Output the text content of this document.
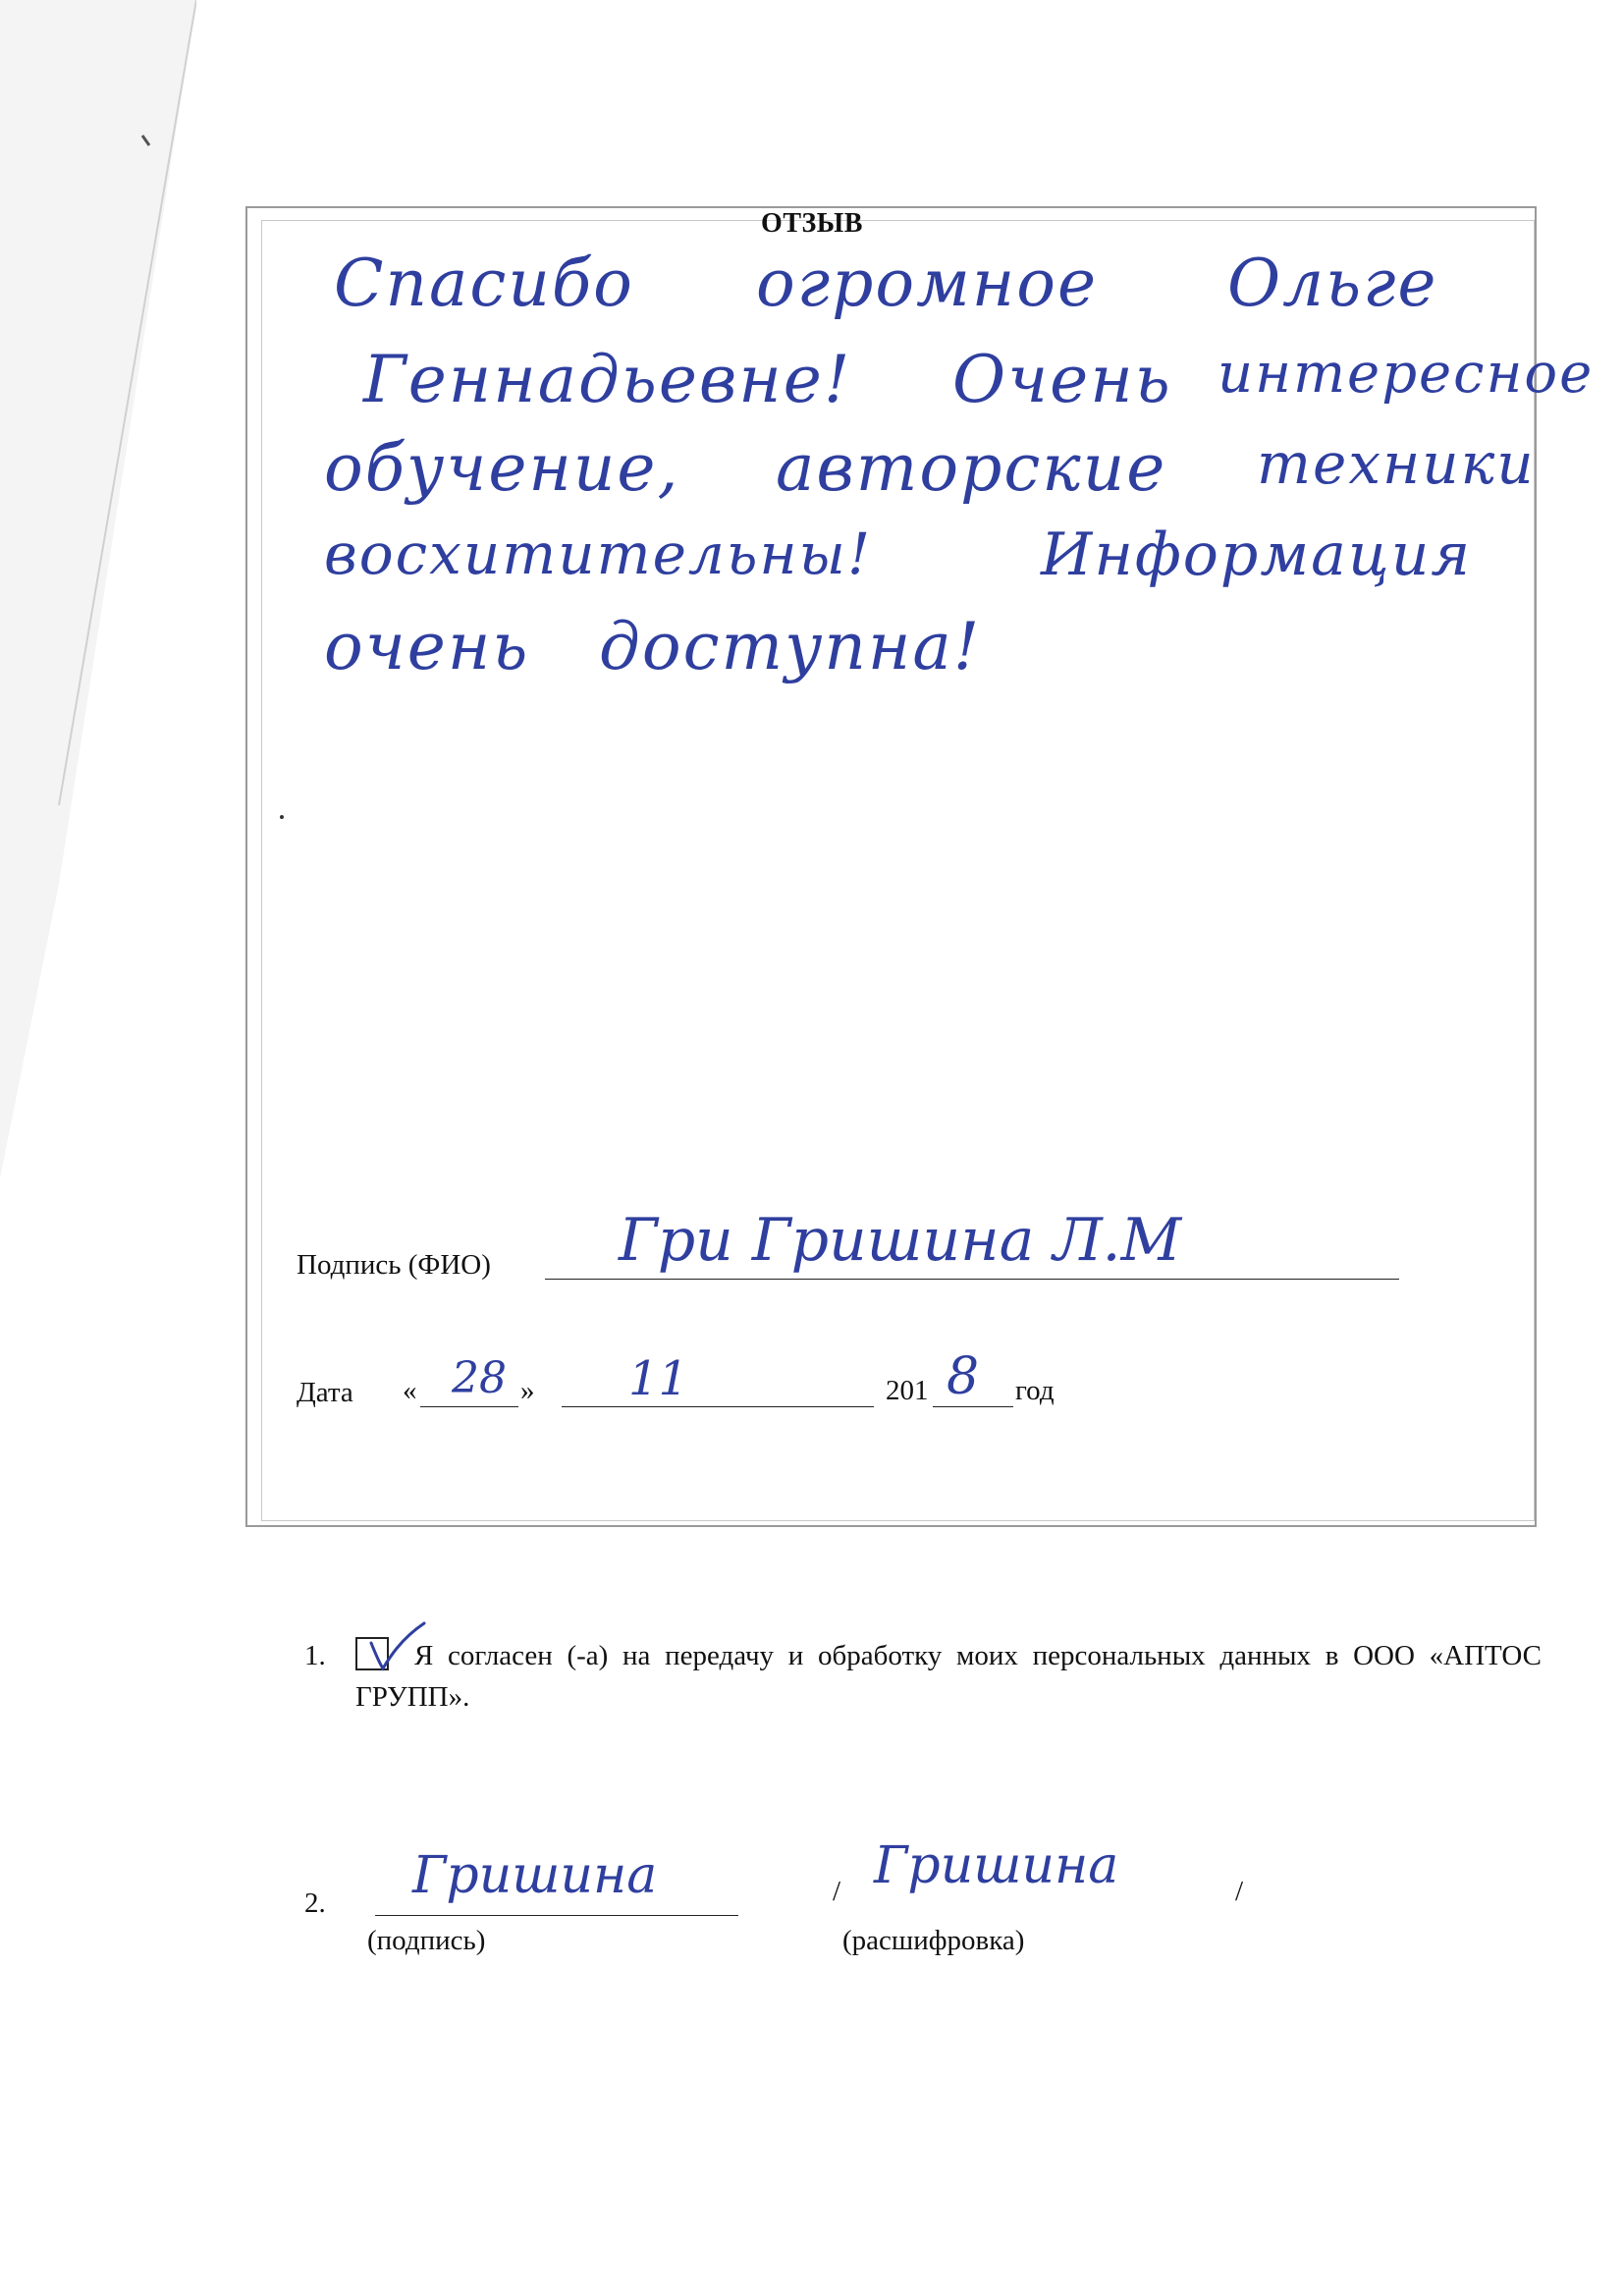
ОТЗЫВ
Спасибо огромное Ольге
Геннадьевне! Очень интересное
обучение, авторские техники
восхитительны!	Информация
очень доступна!
Подпись (ФИО) Гри Гришина Л.М
Дата « 28 » 11	201 8 год
1.	Я согласен (-а) на передачу и обработку моих персональных данных в ООО «АПТОС ГРУПП».
2. Гришина
(подпись)
/ Гришина	/
(расшифровка)
